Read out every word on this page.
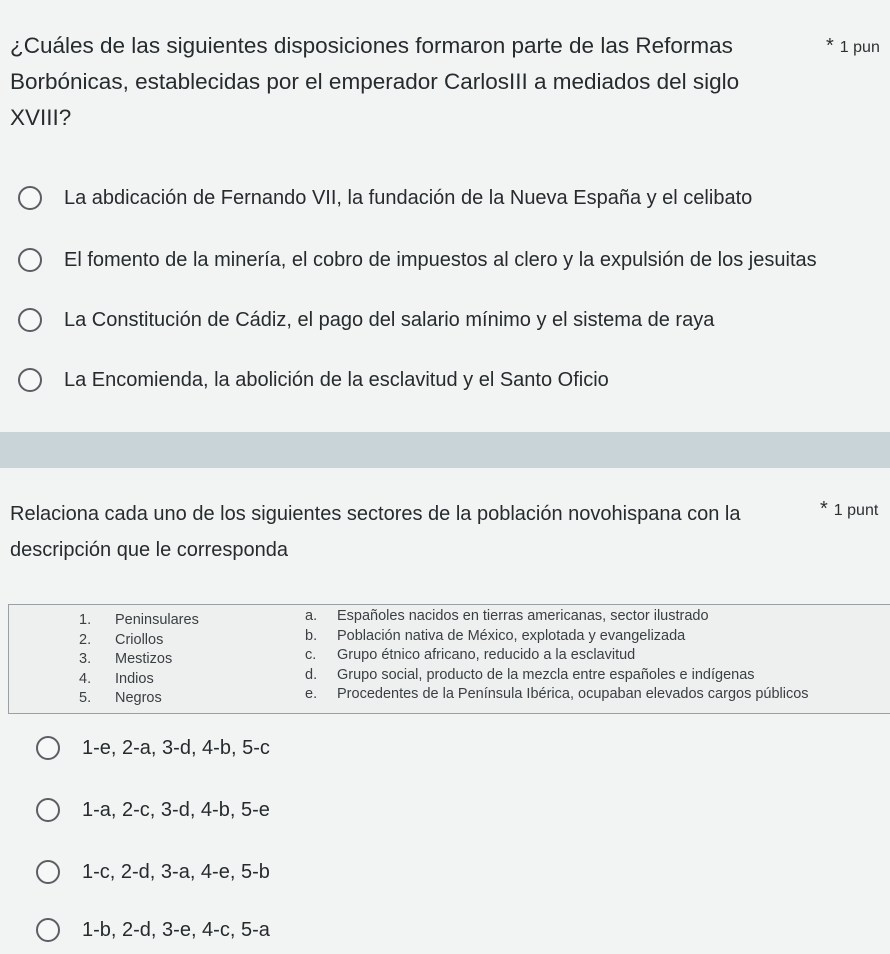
¿Cuáles de las siguientes disposiciones formaron parte de las Reformas Borbónicas, establecidas por el emperador CarlosIII a mediados del siglo XVIII?

* 1 pun
La abdicación de Fernando VII, la fundación de la Nueva España y el celibato
El fomento de la minería, el cobro de impuestos al clero y la expulsión de los jesuitas
La Constitución de Cádiz, el pago del salario mínimo y el sistema de raya
La Encomienda, la abolición de la esclavitud y el Santo Oficio

Relaciona cada uno de los siguientes sectores de la población novohispana con la descripción que le corresponda

* 1 punt
1. Peninsulares
2. Criollos
3. Mestizos
4. Indios
5. Negros
a. Españoles nacidos en tierras americanas, sector ilustrado
b. Población nativa de México, explotada y evangelizada
c. Grupo étnico africano, reducido a la esclavitud
d. Grupo social, producto de la mezcla entre españoles e indígenas
e. Procedentes de la Península Ibérica, ocupaban elevados cargos públicos
1-e, 2-a, 3-d, 4-b, 5-c
1-a, 2-c, 3-d, 4-b, 5-e
1-c, 2-d, 3-a, 4-e, 5-b
1-b, 2-d, 3-e, 4-c, 5-a
